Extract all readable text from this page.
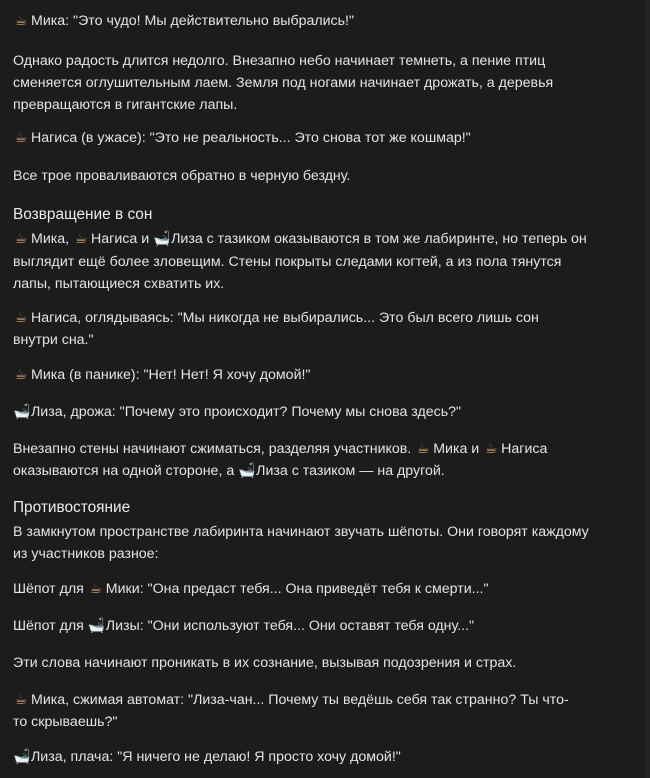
☕ Мика: "Это чудо! Мы действительно выбрались!"
Однако радость длится недолго. Внезапно небо начинает темнеть, а пение птиц
сменяется оглушительным лаем. Земля под ногами начинает дрожать, а деревья
превращаются в гигантские лапы.
☕ Нагиса (в ужасе): "Это не реальность... Это снова тот же кошмар!"
Все трое проваливаются обратно в черную бездну.
Возвращение в сон
☕ Мика, ☕ Нагиса и 🛁Лиза с тазиком оказываются в том же лабиринте, но теперь он
выглядит ещё более зловещим. Стены покрыты следами когтей, а из пола тянутся
лапы, пытающиеся схватить их.
☕ Нагиса, оглядываясь: "Мы никогда не выбирались... Это был всего лишь сон
внутри сна."
☕ Мика (в панике): "Нет! Нет! Я хочу домой!"
🛁Лиза, дрожа: "Почему это происходит? Почему мы снова здесь?"
Внезапно стены начинают сжиматься, разделяя участников. ☕ Мика и ☕ Нагиса
оказываются на одной стороне, а 🛁Лиза с тазиком — на другой.
Противостояние
В замкнутом пространстве лабиринта начинают звучать шёпоты. Они говорят каждому
из участников разное:
Шёпот для ☕ Мики: "Она предаст тебя... Она приведёт тебя к смерти..."
Шёпот для 🛁Лизы: "Они используют тебя... Они оставят тебя одну..."
Эти слова начинают проникать в их сознание, вызывая подозрения и страх.
☕ Мика, сжимая автомат: "Лиза-чан... Почему ты ведёшь себя так странно? Ты что-
то скрываешь?"
🛁Лиза, плача: "Я ничего не делаю! Я просто хочу домой!"
